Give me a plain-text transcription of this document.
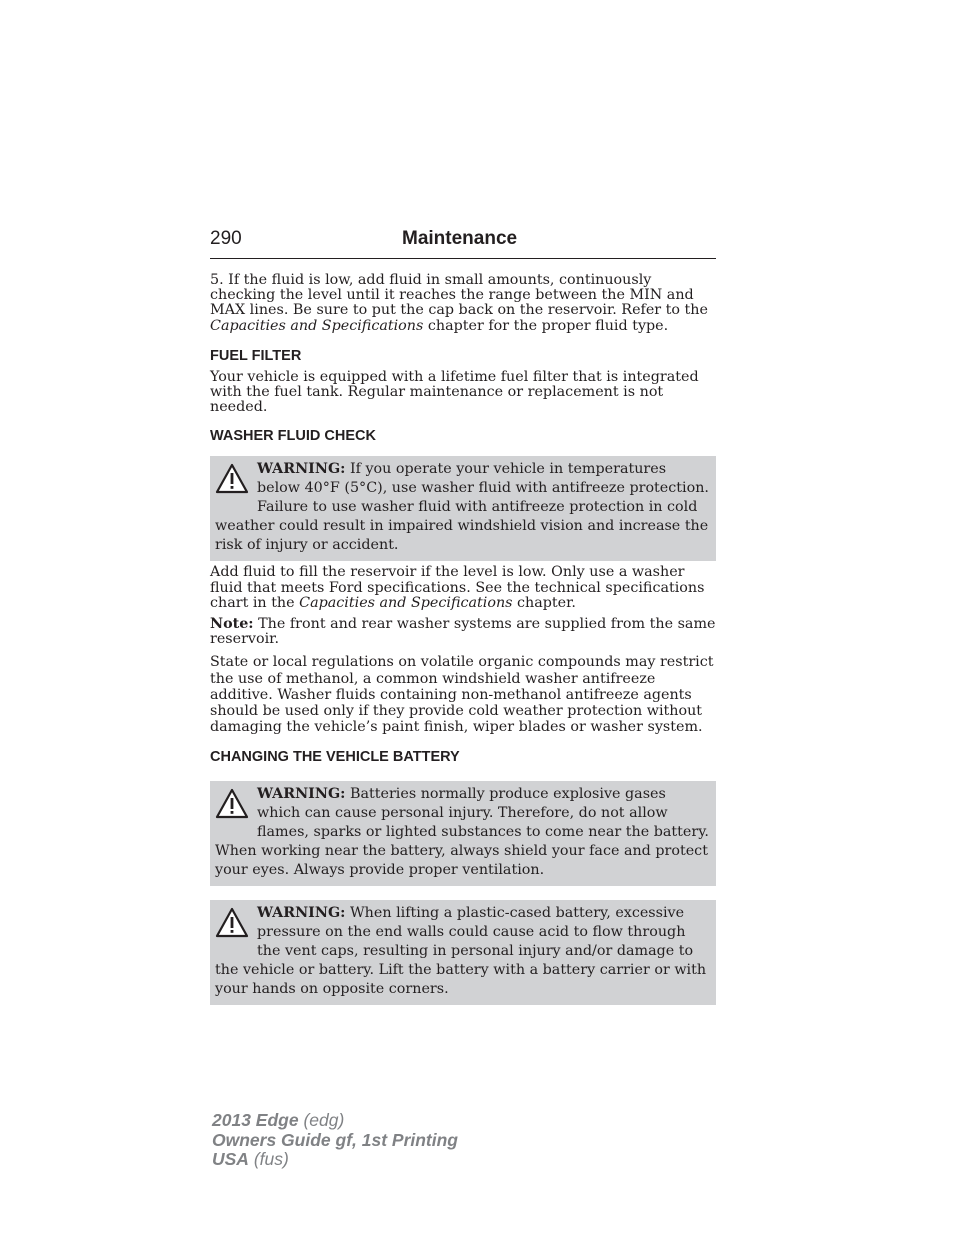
290	Maintenance

5. If the fluid is low, add fluid in small amounts, continuously checking the level until it reaches the range between the MIN and MAX lines. Be sure to put the cap back on the reservoir. Refer to the Capacities and Specifications chapter for the proper fluid type.

FUEL FILTER

Your vehicle is equipped with a lifetime fuel filter that is integrated with the fuel tank. Regular maintenance or replacement is not needed.

WASHER FLUID CHECK
WARNING: If you operate your vehicle in temperatures below 40°F (5°C), use washer fluid with antifreeze protection. Failure to use washer fluid with antifreeze protection in cold weather could result in impaired windshield vision and increase the risk of injury or accident.

Add fluid to fill the reservoir if the level is low. Only use a washer fluid that meets Ford specifications. See the technical specifications chart in the Capacities and Specifications chapter.

Note: The front and rear washer systems are supplied from the same reservoir.

State or local regulations on volatile organic compounds may restrict the use of methanol, a common windshield washer antifreeze additive. Washer fluids containing non-methanol antifreeze agents should be used only if they provide cold weather protection without damaging the vehicle’s paint finish, wiper blades or washer system.

CHANGING THE VEHICLE BATTERY
WARNING: Batteries normally produce explosive gases which can cause personal injury. Therefore, do not allow flames, sparks or lighted substances to come near the battery. When working near the battery, always shield your face and protect your eyes. Always provide proper ventilation.
WARNING: When lifting a plastic-cased battery, excessive pressure on the end walls could cause acid to flow through the vent caps, resulting in personal injury and/or damage to the vehicle or battery. Lift the battery with a battery carrier or with your hands on opposite corners.
2013 Edge (edg)
Owners Guide gf, 1st Printing
USA (fus)
